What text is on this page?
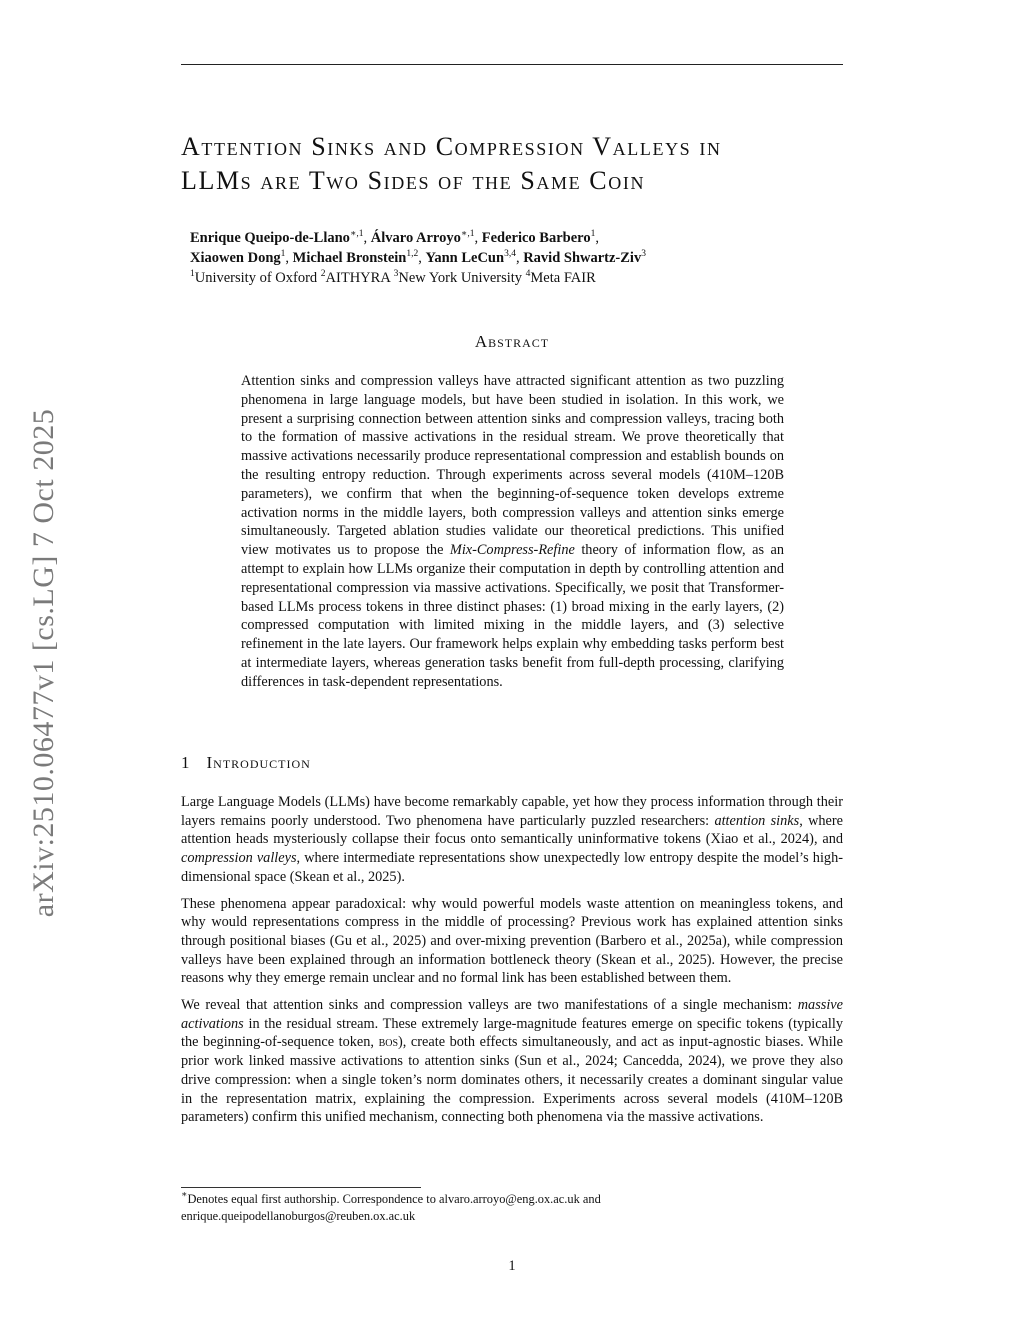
arXiv:2510.06477v1 [cs.LG] 7 Oct 2025
Attention Sinks and Compression Valleys in
LLMs are Two Sides of the Same Coin
Enrique Queipo-de-Llano$^{∗,1}$, Álvaro Arroyo$^{∗,1}$, Federico Barbero$^1$,
Xiaowen Dong$^1$, Michael Bronstein$^{1,2}$, Yann LeCun$^{3,4}$, Ravid Shwartz-Ziv$^3$
$^1$University of Oxford $^2$AITHYRA $^3$New York University $^4$Meta FAIR
Abstract
Attention sinks and compression valleys have attracted significant attention as two puzzling phenomena in large language models, but have been studied in isolation. In this work, we present a surprising connection between attention sinks and compression valleys, tracing both to the formation of massive activations in the residual stream. We prove theoretically that massive activations necessarily produce representational compression and establish bounds on the resulting entropy reduction. Through experiments across several models (410M–120B parameters), we confirm that when the beginning-of-sequence token develops extreme activation norms in the middle layers, both compression valleys and attention sinks emerge simultaneously. Targeted ablation studies validate our theoretical predictions. This unified view motivates us to propose the Mix-Compress-Refine theory of information flow, as an attempt to explain how LLMs organize their computation in depth by controlling attention and representational compression via massive activations. Specifically, we posit that Transformer-based LLMs process tokens in three distinct phases: (1) broad mixing in the early layers, (2) compressed computation with limited mixing in the middle layers, and (3) selective refinement in the late layers. Our framework helps explain why embedding tasks perform best at intermediate layers, whereas generation tasks benefit from full-depth processing, clarifying differences in task-dependent representations.
1 Introduction

Large Language Models (LLMs) have become remarkably capable, yet how they process information through their layers remains poorly understood. Two phenomena have particularly puzzled researchers: attention sinks, where attention heads mysteriously collapse their focus onto semantically uninformative tokens (Xiao et al., 2024), and compression valleys, where intermediate representations show unexpectedly low entropy despite the model’s high-dimensional space (Skean et al., 2025).

These phenomena appear paradoxical: why would powerful models waste attention on meaningless tokens, and why would representations compress in the middle of processing? Previous work has explained attention sinks through positional biases (Gu et al., 2025) and over-mixing prevention (Barbero et al., 2025a), while compression valleys have been explained through an information bottleneck theory (Skean et al., 2025). However, the precise reasons why they emerge remain unclear and no formal link has been established between them.

We reveal that attention sinks and compression valleys are two manifestations of a single mechanism: massive activations in the residual stream. These extremely large-magnitude features emerge on specific tokens (typically the beginning-of-sequence token, bos), create both effects simultaneously, and act as input-agnostic biases. While prior work linked massive activations to attention sinks (Sun et al., 2024; Cancedda, 2024), we prove they also drive compression: when a single token’s norm dominates others, it necessarily creates a dominant singular value in the representation matrix, explaining the compression. Experiments across several models (410M–120B parameters) confirm this unified mechanism, connecting both phenomena via the massive activations.

∗Denotes equal first authorship. Correspondence to alvaro.arroyo@eng.ox.ac.uk and
enrique.queipodellanoburgos@reuben.ox.ac.uk
1
